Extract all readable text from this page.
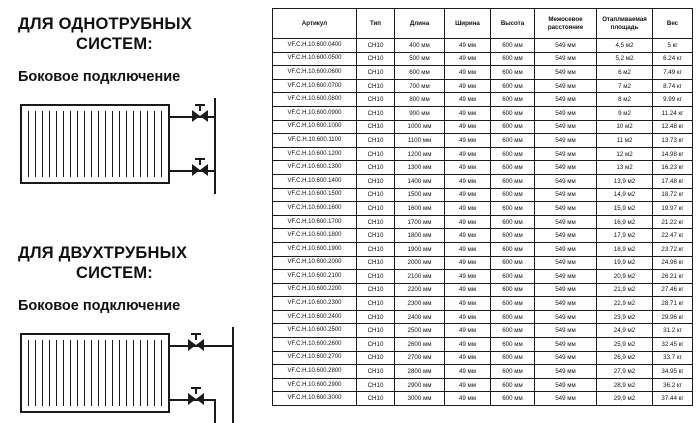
ДЛЯ ОДНОТРУБНЫХ
СИСТЕМ:
Боковое подключение
ДЛЯ ДВУХТРУБНЫХ
СИСТЕМ:
Боковое подключение
Артикул	Тип	Длина	Ширина	Высота	Межосевое расстояние	Отапливаемая площадь	Вес
VF.C.H.10.600.0400	CH10	400 мм	49 мм	600 мм	549 мм	4,5 м2	5 кг
VF.C.H.10.600.0500	CH10	500 мм	49 мм	600 мм	549 мм	5,2 м2	6.24 кг
VF.C.H.10.600.0600	CH10	600 мм	49 мм	600 мм	549 мм	6 м2	7.49 кг
VF.C.H.10.600.0700	CH10	700 мм	49 мм	600 мм	549 мм	7 м2	8.74 кг
VF.C.H.10.600.0800	CH10	800 мм	49 мм	600 мм	549 мм	8 м2	9.99 кг
VF.C.H.10.600.0900	CH10	900 мм	49 мм	600 мм	549 мм	9 м2	11.24 кг
VF.C.H.10.600.1000	CH10	1000 мм	49 мм	600 мм	549 мм	10 м2	12.48 кг
VF.C.H.10.600.1100	CH10	1100 мм	49 мм	600 мм	549 мм	11 м2	13.73 кг
VF.C.H.10.600.1200	CH10	1200 мм	49 мм	600 мм	549 мм	12 м2	14.98 кг
VF.C.H.10.600.1300	CH10	1300 мм	49 мм	600 мм	549 мм	13 м2	16.23 кг
VF.C.H.10.600.1400	CH10	1400 мм	49 мм	600 мм	549 мм	13,9 м2	17.48 кг
VF.C.H.10.600.1500	CH10	1500 мм	49 мм	600 мм	549 мм	14,9 м2	18.72 кг
VF.C.H.10.600.1600	CH10	1600 мм	49 мм	600 мм	549 мм	15,9 м2	19.97 кг
VF.C.H.10.600.1700	CH10	1700 мм	49 мм	600 мм	549 мм	16,9 м2	21.22 кг
VF.C.H.10.600.1800	CH10	1800 мм	49 мм	600 мм	549 мм	17,9 м2	22.47 кг
VF.C.H.10.600.1900	CH10	1900 мм	49 мм	600 мм	549 мм	18,9 м2	23.72 кг
VF.C.H.10.600.2000	CH10	2000 мм	49 мм	600 мм	549 мм	19,9 м2	24.96 кг
VF.C.H.10.600.2100	CH10	2100 мм	49 мм	600 мм	549 мм	20,9 м2	26.21 кг
VF.C.H.10.600.2200	CH10	2200 мм	49 мм	600 мм	549 мм	21,9 м2	27.46 кг
VF.C.H.10.600.2300	CH10	2300 мм	49 мм	600 мм	549 мм	22,9 м2	28.71 кг
VF.C.H.10.600.2400	CH10	2400 мм	49 мм	600 мм	549 мм	23,9 м2	29.96 кг
VF.C.H.10.600.2500	CH10	2500 мм	49 мм	600 мм	549 мм	24,9 м2	31.2 кг
VF.C.H.10.600.2600	CH10	2600 мм	49 мм	600 мм	549 мм	25,9 м2	32.45 кг
VF.C.H.10.600.2700	CH10	2700 мм	49 мм	600 мм	549 мм	26,9 м2	33.7 кг
VF.C.H.10.600.2800	CH10	2800 мм	49 мм	600 мм	549 мм	27,9 м2	34.95 кг
VF.C.H.10.600.2900	CH10	2900 мм	49 мм	600 мм	549 мм	28,9 м2	36.2 кг
VF.C.H.10.600.3000	CH10	3000 мм	49 мм	600 мм	549 мм	29,9 м2	37.44 кг
